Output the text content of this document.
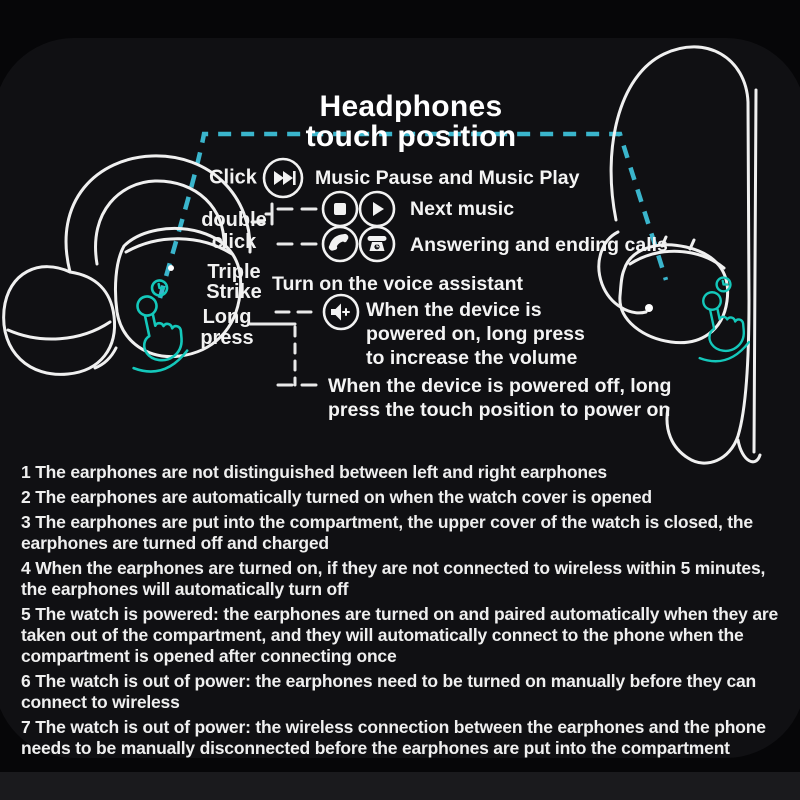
Headphones
touch position
Click	Music Pause and Music Play
double
click
Next music
Answering and ending calls
Triple
Strike Turn on the voice assistant
Long
press
When the device is
powered on, long press
to increase the volume
When the device is powered off, long
press the touch position to power on
1 The earphones are not distinguished between left and right earphones
2 The earphones are automatically turned on when the watch cover is opened
3 The earphones are put into the compartment, the upper cover of the watch is closed, the earphones are turned off and charged
4 When the earphones are turned on, if they are not connected to wireless within 5 minutes, the earphones will automatically turn off
5 The watch is powered: the earphones are turned on and paired automatically when they are taken out of the compartment, and they will automatically connect to the phone when the compartment is opened after connecting once
6 The watch is out of power: the earphones need to be turned on manually before they can connect to wireless
7 The watch is out of power: the wireless connection between the earphones and the phone needs to be manually disconnected before the earphones are put into the compartment
